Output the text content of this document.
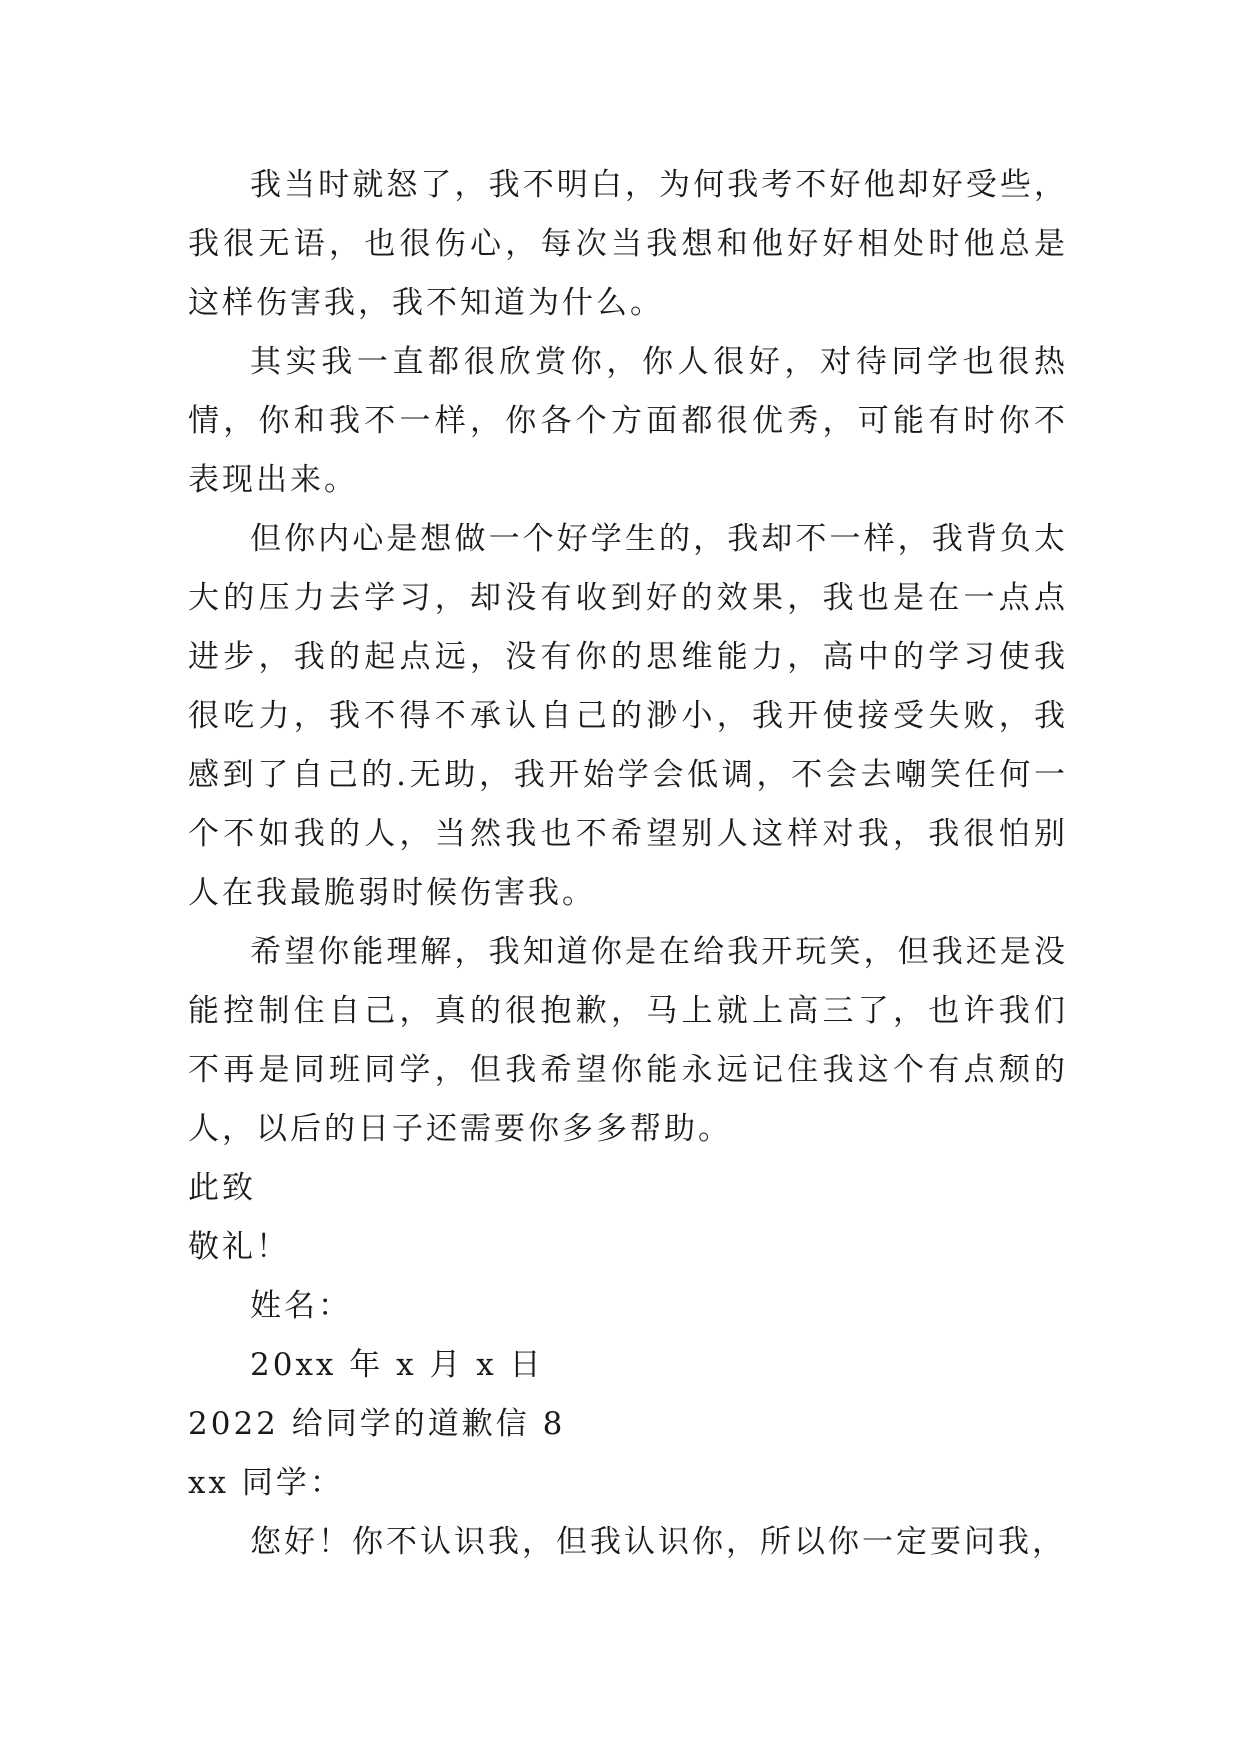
我当时就怒了，我不明白，为何我考不好他却好受些，我很无语，也很伤心，每次当我想和他好好相处时他总是这样伤害我，我不知道为什么。

其实我一直都很欣赏你，你人很好，对待同学也很热情，你和我不一样，你各个方面都很优秀，可能有时你不表现出来。

但你内心是想做一个好学生的，我却不一样，我背负太大的压力去学习，却没有收到好的效果，我也是在一点点进步，我的起点远，没有你的思维能力，高中的学习使我很吃力，我不得不承认自己的渺小，我开使接受失败，我感到了自己的.无助，我开始学会低调，不会去嘲笑任何一个不如我的人，当然我也不希望别人这样对我，我很怕别人在我最脆弱时候伤害我。

希望你能理解，我知道你是在给我开玩笑，但我还是没能控制住自己，真的很抱歉，马上就上高三了，也许我们不再是同班同学，但我希望你能永远记住我这个有点颓的人，以后的日子还需要你多多帮助。

此致

敬礼！

姓名：

20xx 年 x 月 x 日

2022 给同学的道歉信 8

xx 同学：

您好！你不认识我，但我认识你，所以你一定要问我，
